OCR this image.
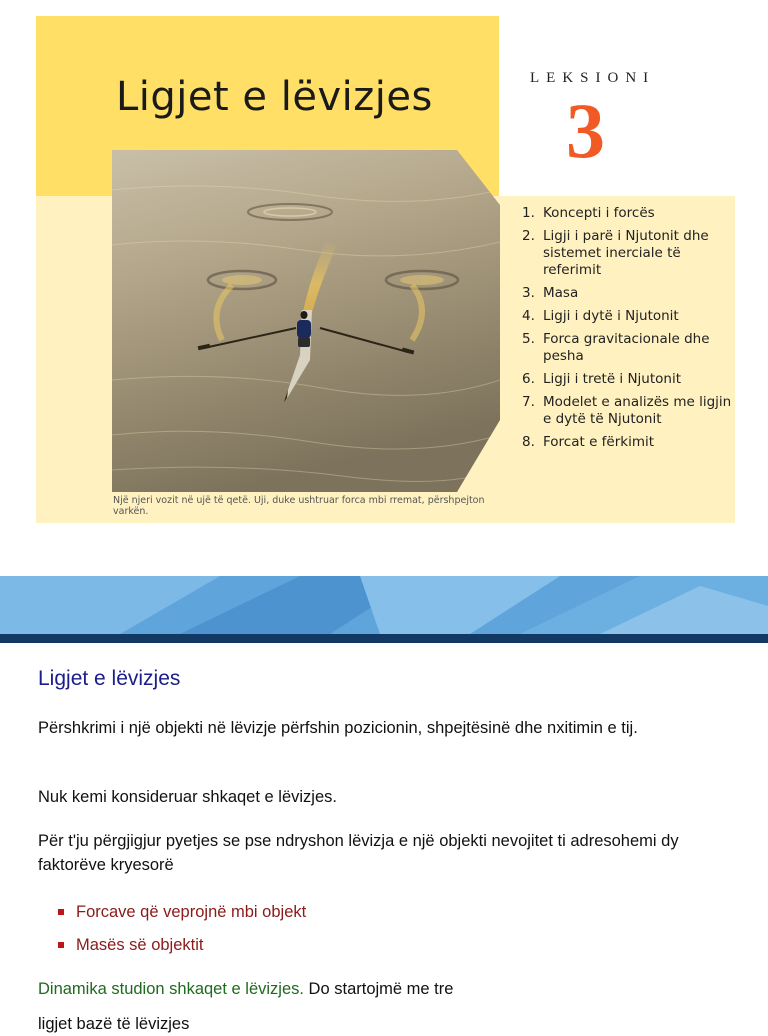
Ligjet e lëvizjes	LEKSIONI
3
Një njeri vozit në ujë të qetë. Uji, duke ushtruar forca mbi rremat, përshpejton varkën.
1. Koncepti i forcës
2. Ligji i parë i Njutonit dhe sistemet inerciale të referimit
3. Masa
4. Ligji i dytë i Njutonit
5. Forca gravitacionale dhe pesha
6. Ligji i tretë i Njutonit
7. Modelet e analizës me ligjin e dytë të Njutonit
8. Forcat e fërkimit
Ligjet e lëvizjes

Përshkrimi i një objekti në lëvizje përfshin pozicionin, shpejtësinë dhe nxitimin e tij.

Nuk kemi konsideruar shkaqet e lëvizjes.

Për t'ju përgjigjur pyetjes se pse ndryshon lëvizja e një objekti nevojitet ti adresohemi dy faktorëve kryesorë

Forcave që veprojnë mbi objekt
Masës së objektit

Dinamika studion shkaqet e lëvizjes. Do startojmë me tre

ligjet bazë të lëvizjes
